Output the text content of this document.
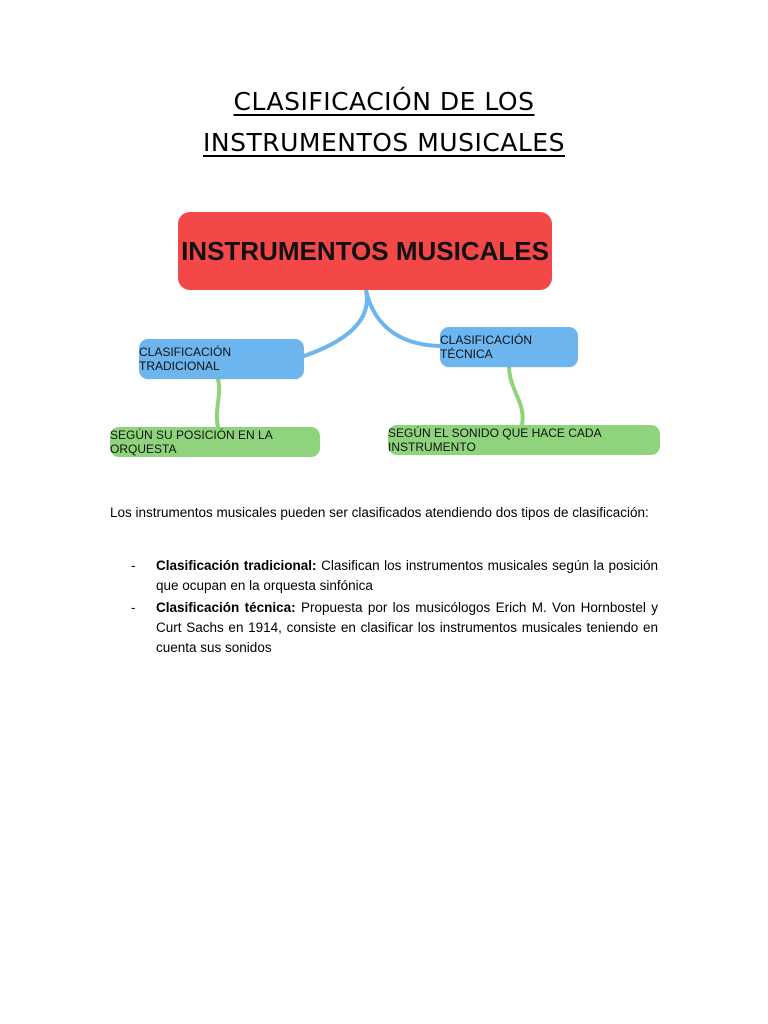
CLASIFICACIÓN DE LOS
INSTRUMENTOS MUSICALES
INSTRUMENTOS MUSICALES
CLASIFICACIÓN TRADICIONAL
CLASIFICACIÓN TÉCNICA
SEGÚN SU POSICIÓN EN LA ORQUESTA
SEGÚN EL SONIDO QUE HACE CADA INSTRUMENTO

Los instrumentos musicales pueden ser clasificados atendiendo dos tipos de clasificación:

- Clasificación tradicional: Clasifican los instrumentos musicales según la posición que ocupan en la orquesta sinfónica
- Clasificación técnica: Propuesta por los musicólogos Erich M. Von Hornbostel y Curt Sachs en 1914, consiste en clasificar los instrumentos musicales teniendo en cuenta sus sonidos
